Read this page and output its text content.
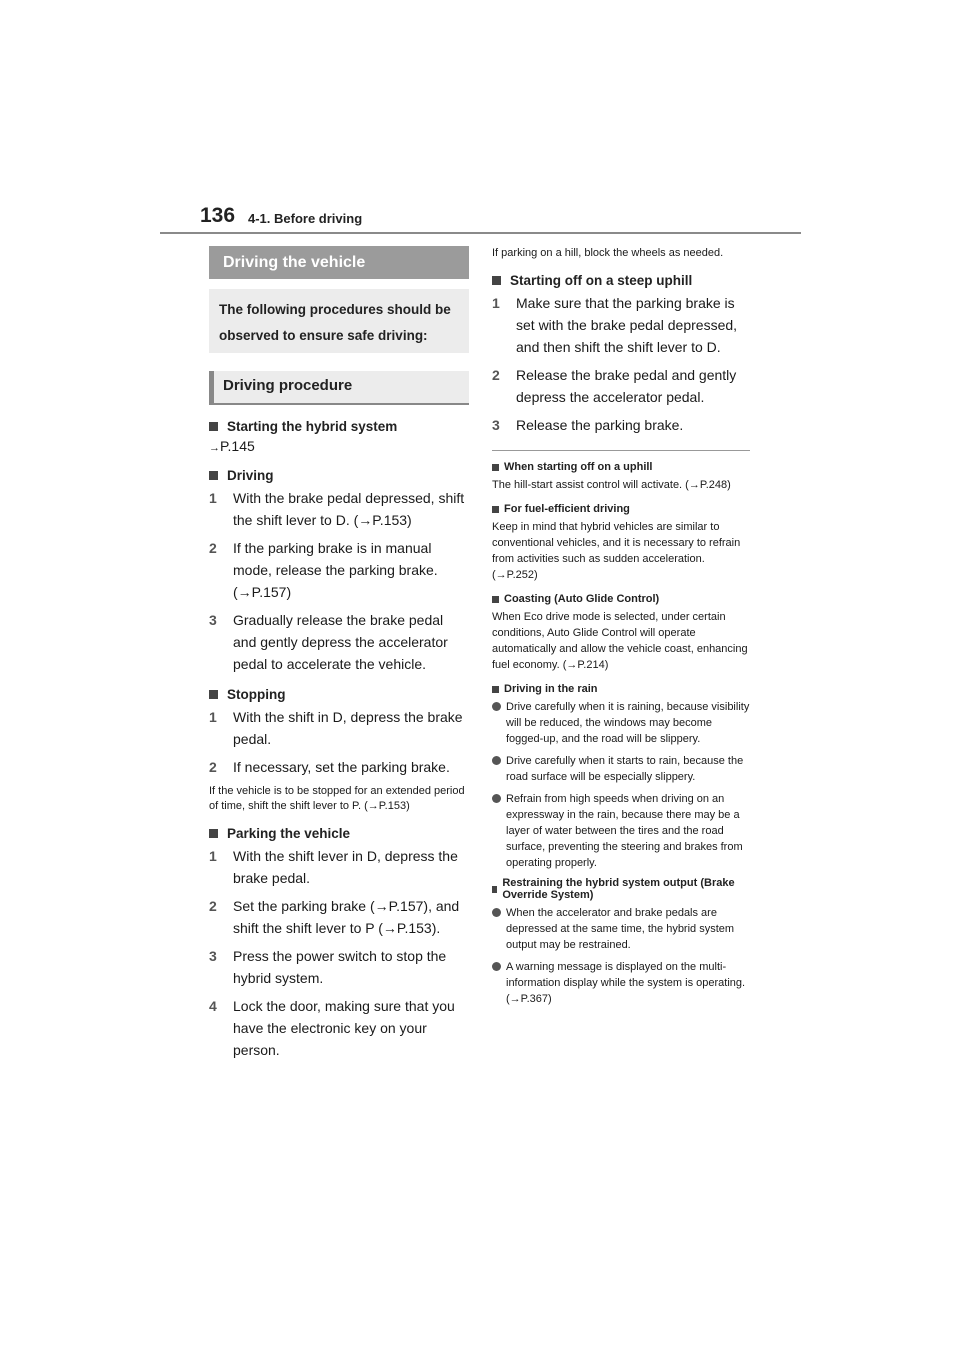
136 4-1. Before driving
Driving the vehicle
The following procedures should be observed to ensure safe driving:
Driving procedure
Starting the hybrid system
→P.145
Driving
1	With the brake pedal depressed, shift the shift lever to D. (→P.153)
2	If the parking brake is in manual mode, release the parking brake. (→P.157)
3	Gradually release the brake pedal and gently depress the accelerator pedal to accelerate the vehicle.
Stopping
1	With the shift in D, depress the brake pedal.
2	If necessary, set the parking brake.
If the vehicle is to be stopped for an extended period of time, shift the shift lever to P. (→P.153)
Parking the vehicle
1	With the shift lever in D, depress the brake pedal.
2	Set the parking brake (→P.157), and shift the shift lever to P (→P.153).
3	Press the power switch to stop the hybrid system.
4	Lock the door, making sure that you have the electronic key on your person.
If parking on a hill, block the wheels as needed.
Starting off on a steep uphill
1	Make sure that the parking brake is set with the brake pedal depressed, and then shift the shift lever to D.
2	Release the brake pedal and gently depress the accelerator pedal.
3	Release the parking brake.
When starting off on a uphill
The hill-start assist control will activate. (→P.248)
For fuel-efficient driving
Keep in mind that hybrid vehicles are similar to conventional vehicles, and it is necessary to refrain from activities such as sudden acceleration. (→P.252)
Coasting (Auto Glide Control)
When Eco drive mode is selected, under certain conditions, Auto Glide Control will operate automatically and allow the vehicle coast, enhancing fuel economy. (→P.214)
Driving in the rain
Drive carefully when it is raining, because visibility will be reduced, the windows may become fogged-up, and the road will be slippery.
Drive carefully when it starts to rain, because the road surface will be especially slippery.
Refrain from high speeds when driving on an expressway in the rain, because there may be a layer of water between the tires and the road surface, preventing the steering and brakes from operating properly.
Restraining the hybrid system output (Brake Override System)
When the accelerator and brake pedals are depressed at the same time, the hybrid system output may be restrained.
A warning message is displayed on the multi-information display while the system is operating. (→P.367)
